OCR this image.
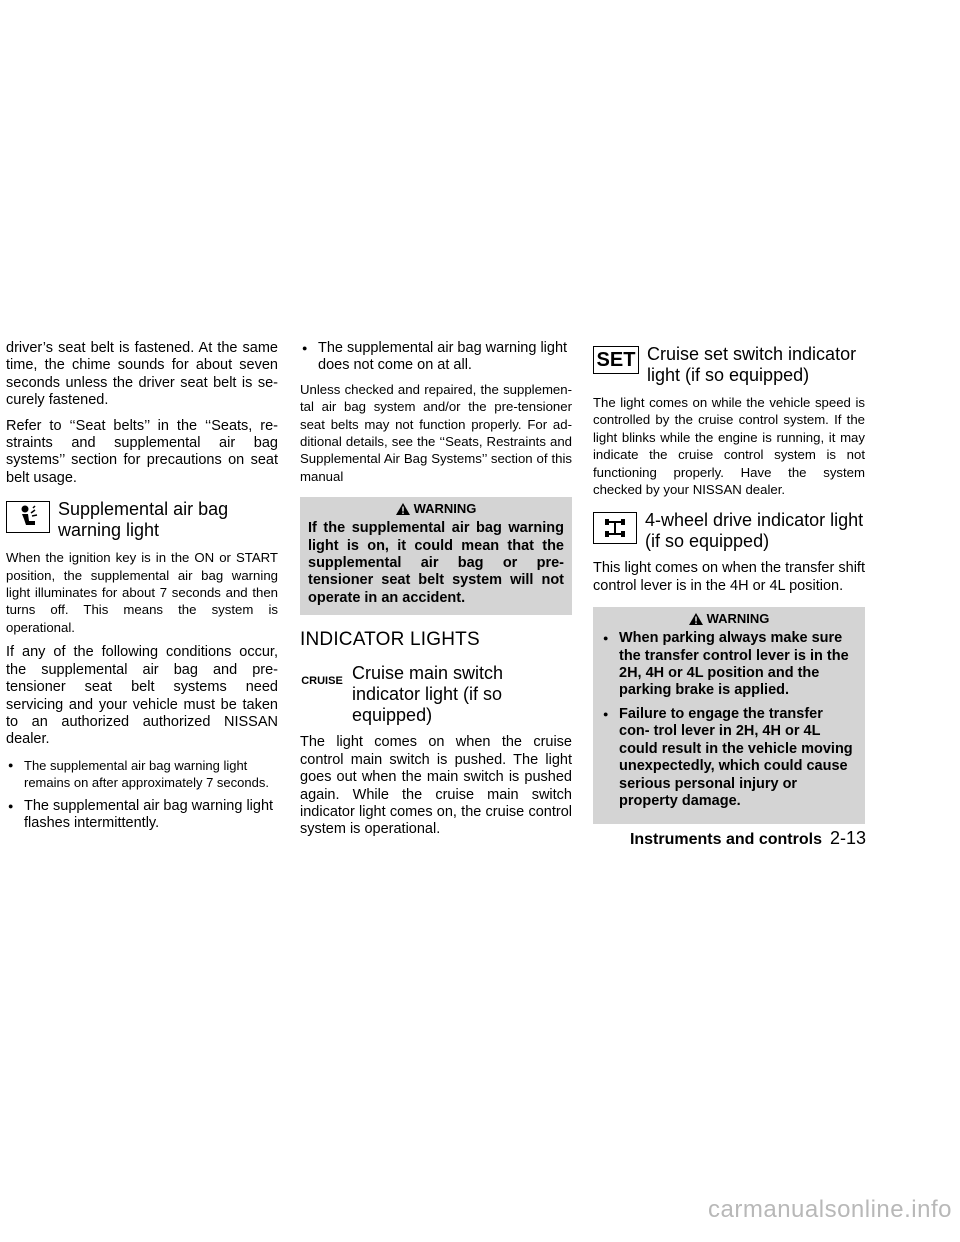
driver’s seat belt is fastened. At the same time, the chime sounds for about seven seconds unless the driver seat belt is se- curely fastened.

Refer to ‘‘Seat belts’’ in the ‘‘Seats, re- straints and supplemental air bag systems’’ section for precautions on seat belt usage.

Supplemental air bag warning light

When the ignition key is in the ON or START position, the supplemental air bag warning light illuminates for about 7 seconds and then turns off. This means the system is operational.

If any of the following conditions occur, the supplemental air bag and pre-tensioner seat belt systems need servicing and your vehicle must be taken to an authorized authorized NISSAN dealer.

● The supplemental air bag warning light remains on after approximately 7 seconds.
● The supplemental air bag warning light flashes intermittently.
● The supplemental air bag warning light does not come on at all.

Unless checked and repaired, the supplemen- tal air bag system and/or the pre-tensioner seat belts may not function properly. For ad- ditional details, see the ‘‘Seats, Restraints and Supplemental Air Bag Systems’’ section of this manual

WARNING

If the supplemental air bag warning light is on, it could mean that the supplemental air bag or pre-tensioner seat belt system will not operate in an accident.

INDICATOR LIGHTS
CRUISE Cruise main switch indicator light (if so equipped)

The light comes on when the cruise control main switch is pushed. The light goes out when the main switch is pushed again. While the cruise main switch indicator light comes on, the cruise control system is operational.

SET Cruise set switch indicator light (if so equipped)

The light comes on while the vehicle speed is controlled by the cruise control system. If the light blinks while the engine is running, it may indicate the cruise control system is not functioning properly. Have the system checked by your NISSAN dealer.

4-wheel drive indicator light (if so equipped)

This light comes on when the transfer shift control lever is in the 4H or 4L position.

WARNING
● When parking always make sure the transfer control lever is in the 2H, 4H or 4L position and the parking brake is applied.
● Failure to engage the transfer con- trol lever in 2H, 4H or 4L could result in the vehicle moving unexpectedly, which could cause serious personal injury or property damage.
Instruments and controls 2-13
carmanualsonline.info
